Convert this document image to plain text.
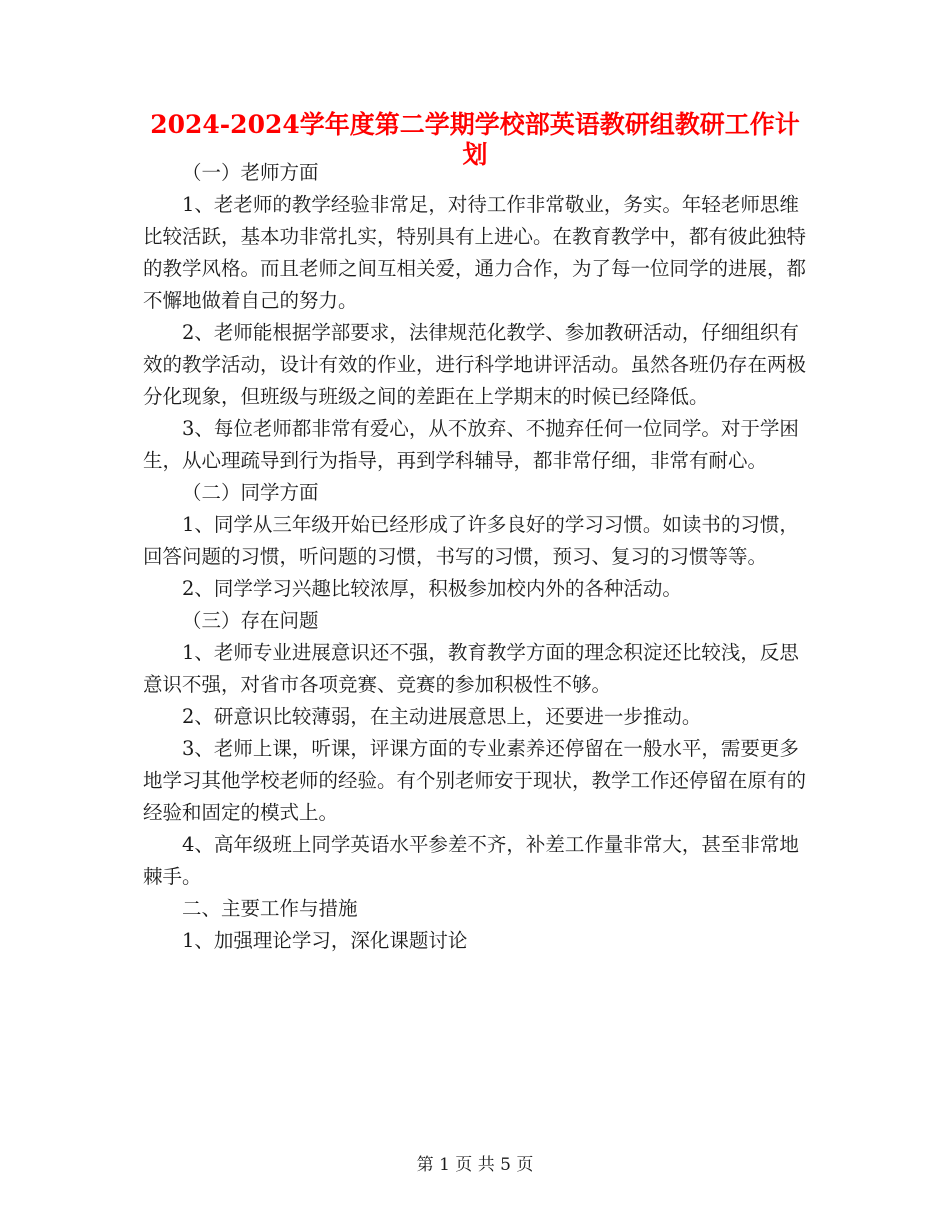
2024-2024学年度第二学期学校部英语教研组教研工作计划

（一）老师方面

1、老老师的教学经验非常足，对待工作非常敬业，务实。年轻老师思维比较活跃，基本功非常扎实，特别具有上进心。在教育教学中，都有彼此独特的教学风格。而且老师之间互相关爱，通力合作，为了每一位同学的进展，都不懈地做着自己的努力。

2、老师能根据学部要求，法律规范化教学、参加教研活动，仔细组织有效的教学活动，设计有效的作业，进行科学地讲评活动。虽然各班仍存在两极分化现象，但班级与班级之间的差距在上学期末的时候已经降低。

3、每位老师都非常有爱心，从不放弃、不抛弃任何一位同学。对于学困生，从心理疏导到行为指导，再到学科辅导，都非常仔细，非常有耐心。

（二）同学方面

1、同学从三年级开始已经形成了许多良好的学习习惯。如读书的习惯，回答问题的习惯，听问题的习惯，书写的习惯，预习、复习的习惯等等。

2、同学学习兴趣比较浓厚，积极参加校内外的各种活动。

（三）存在问题

1、老师专业进展意识还不强，教育教学方面的理念积淀还比较浅，反思意识不强，对省市各项竞赛、竞赛的参加积极性不够。

2、研意识比较薄弱，在主动进展意思上，还要进一步推动。

3、老师上课，听课，评课方面的专业素养还停留在一般水平，需要更多地学习其他学校老师的经验。有个别老师安于现状，教学工作还停留在原有的经验和固定的模式上。

4、高年级班上同学英语水平参差不齐，补差工作量非常大，甚至非常地棘手。

二、主要工作与措施

1、加强理论学习，深化课题讨论

第 1 页 共 5 页
